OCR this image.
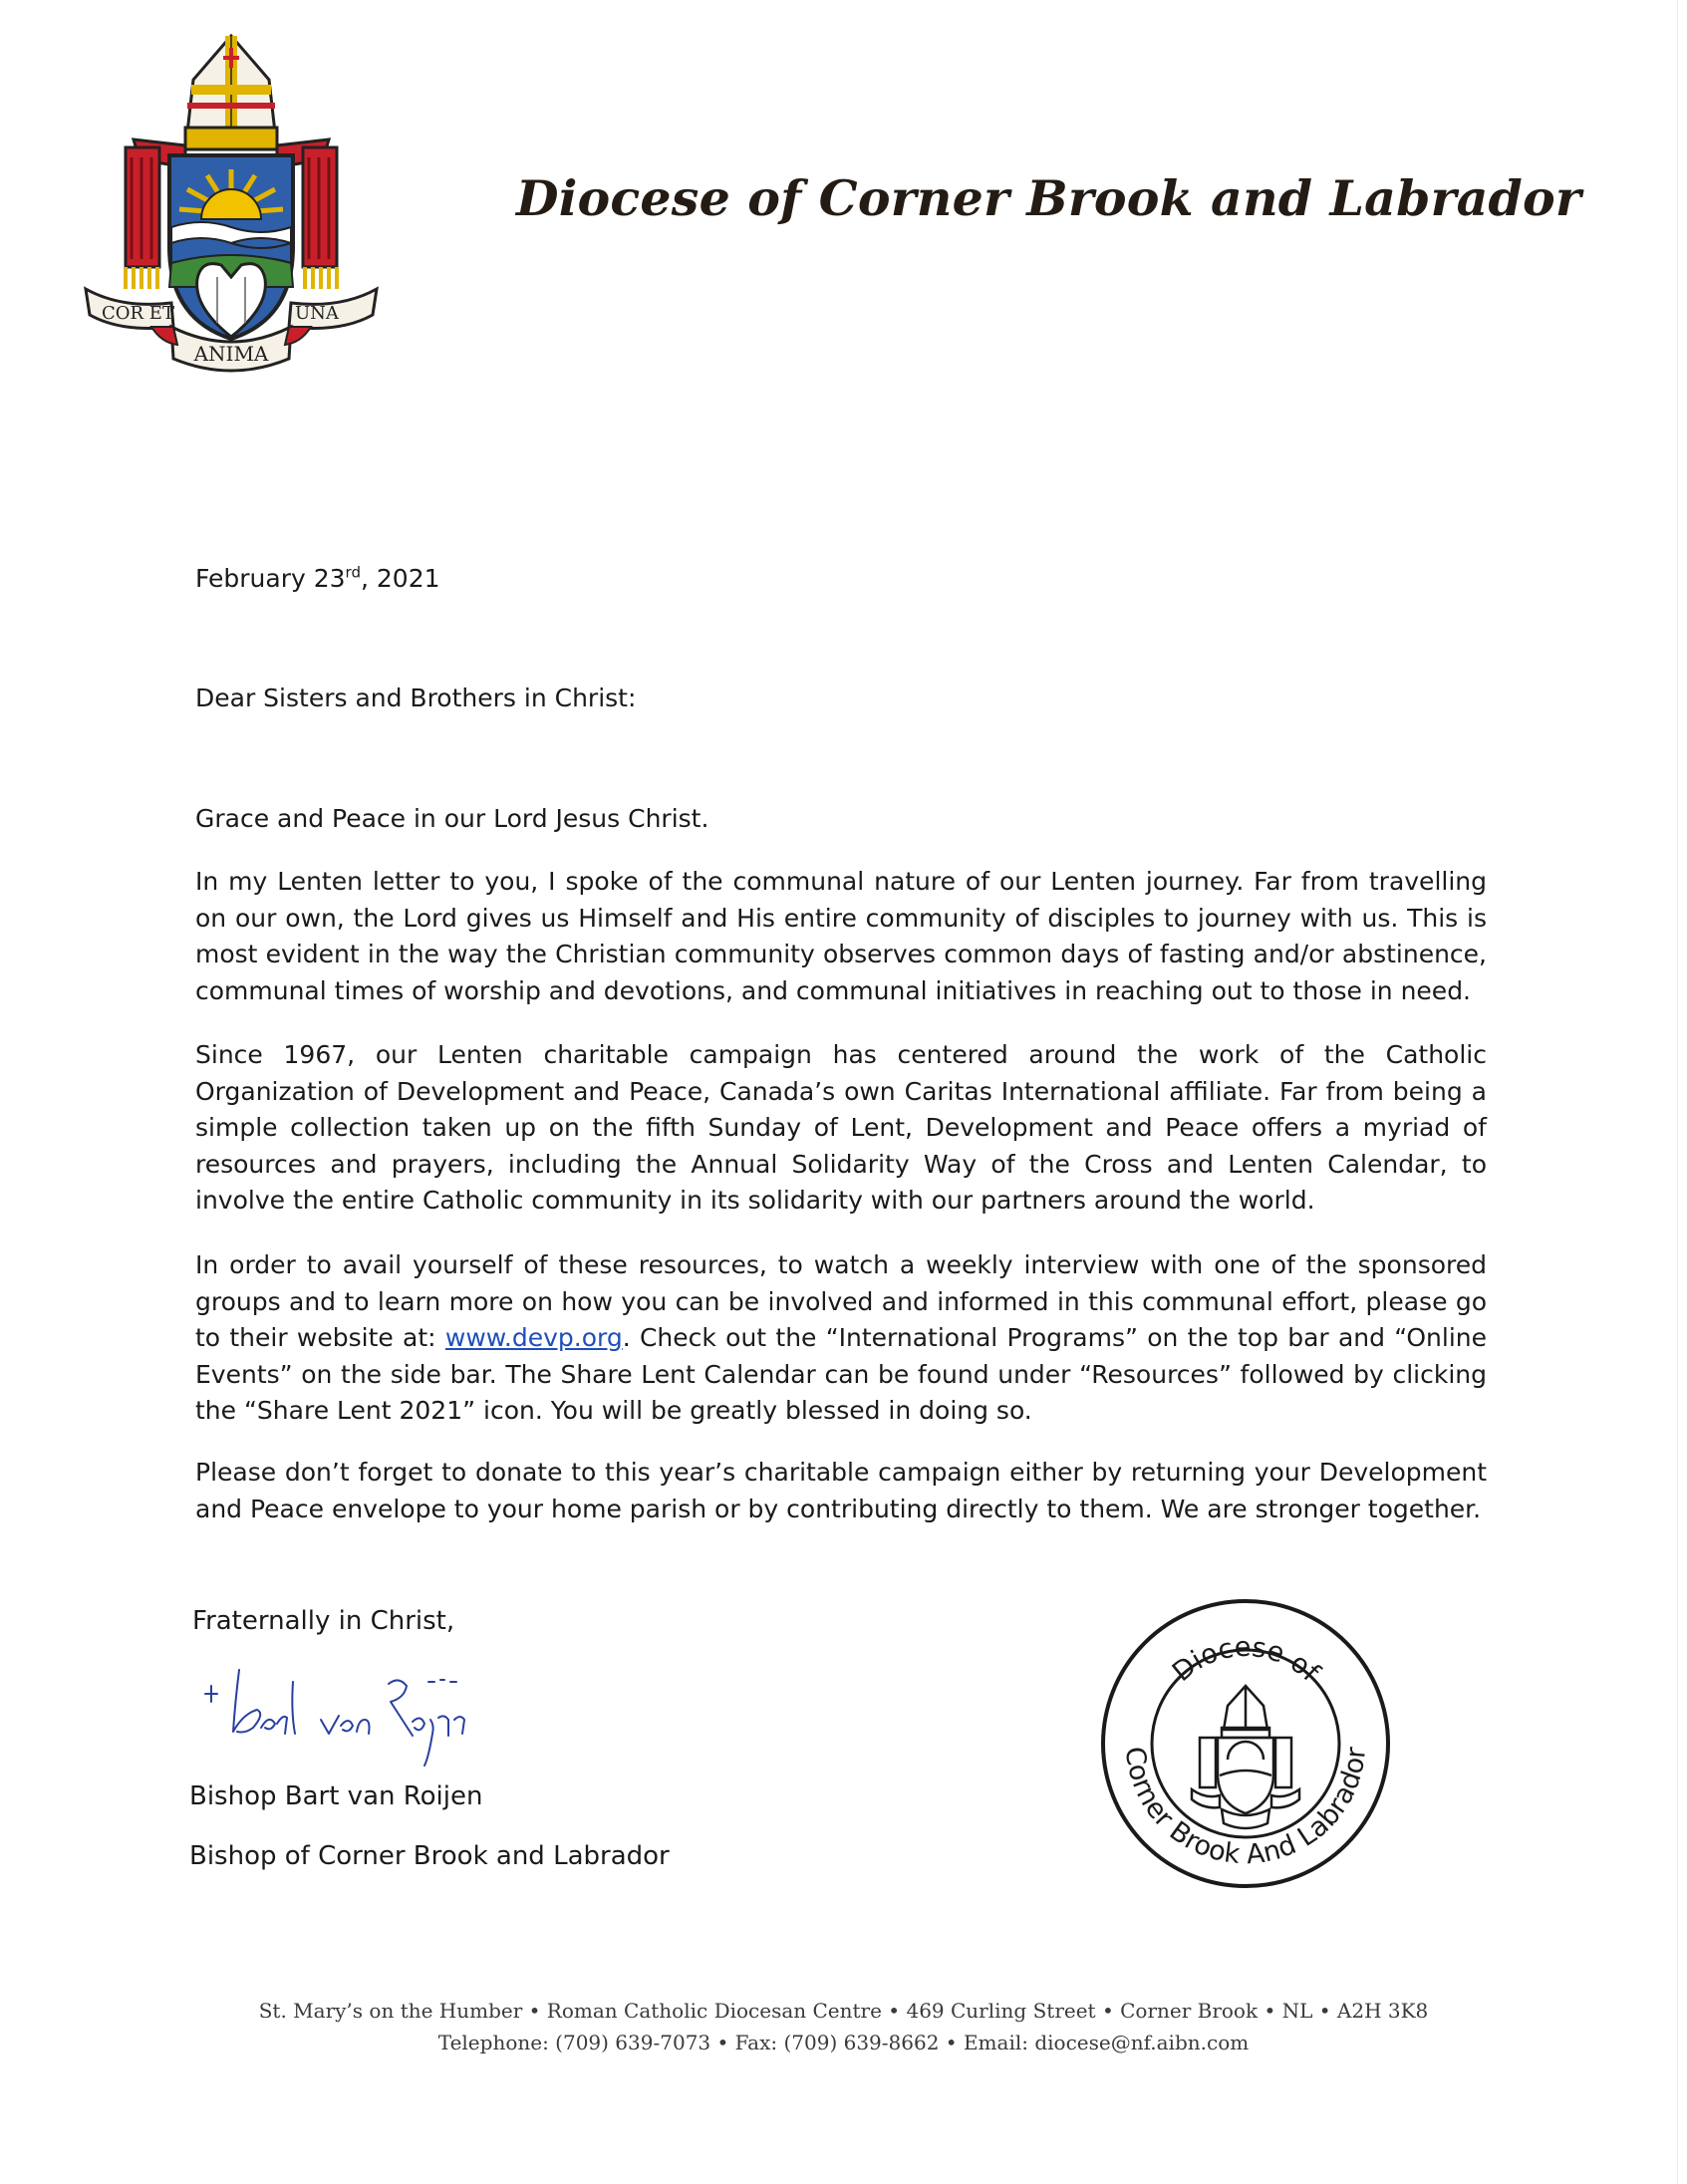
COR ET	UNA
ANIMA
Diocese of Corner Brook and Labrador
February 23rd, 2021
Dear Sisters and Brothers in Christ:
Grace and Peace in our Lord Jesus Christ.
In my Lenten letter to you, I spoke of the communal nature of our Lenten journey. Far from travelling on our own, the Lord gives us Himself and His entire community of disciples to journey with us. This is most evident in the way the Christian community observes common days of fasting and/or abstinence, communal times of worship and devotions, and communal initiatives in reaching out to those in need.
Since 1967, our Lenten charitable campaign has centered around the work of the Catholic Organization of Development and Peace, Canada’s own Caritas International affiliate. Far from being a simple collection taken up on the fifth Sunday of Lent, Development and Peace offers a myriad of resources and prayers, including the Annual Solidarity Way of the Cross and Lenten Calendar, to involve the entire Catholic community in its solidarity with our partners around the world.
In order to avail yourself of these resources, to watch a weekly interview with one of the sponsored groups and to learn more on how you can be involved and informed in this communal effort, please go to their website at: www.devp.org. Check out the “International Programs” on the top bar and “Online Events” on the side bar. The Share Lent Calendar can be found under “Resources” followed by clicking the “Share Lent 2021” icon. You will be greatly blessed in doing so.
Please don’t forget to donate to this year’s charitable campaign either by returning your Development and Peace envelope to your home parish or by contributing directly to them. We are stronger together.
Fraternally in Christ,
Bishop Bart van Roijen
Bishop of Corner Brook and Labrador
Diocese of
Corner Brook And Labrador
St. Mary’s on the Humber • Roman Catholic Diocesan Centre • 469 Curling Street • Corner Brook • NL • A2H 3K8
Telephone: (709) 639-7073 • Fax: (709) 639-8662 • Email: diocese@nf.aibn.com
